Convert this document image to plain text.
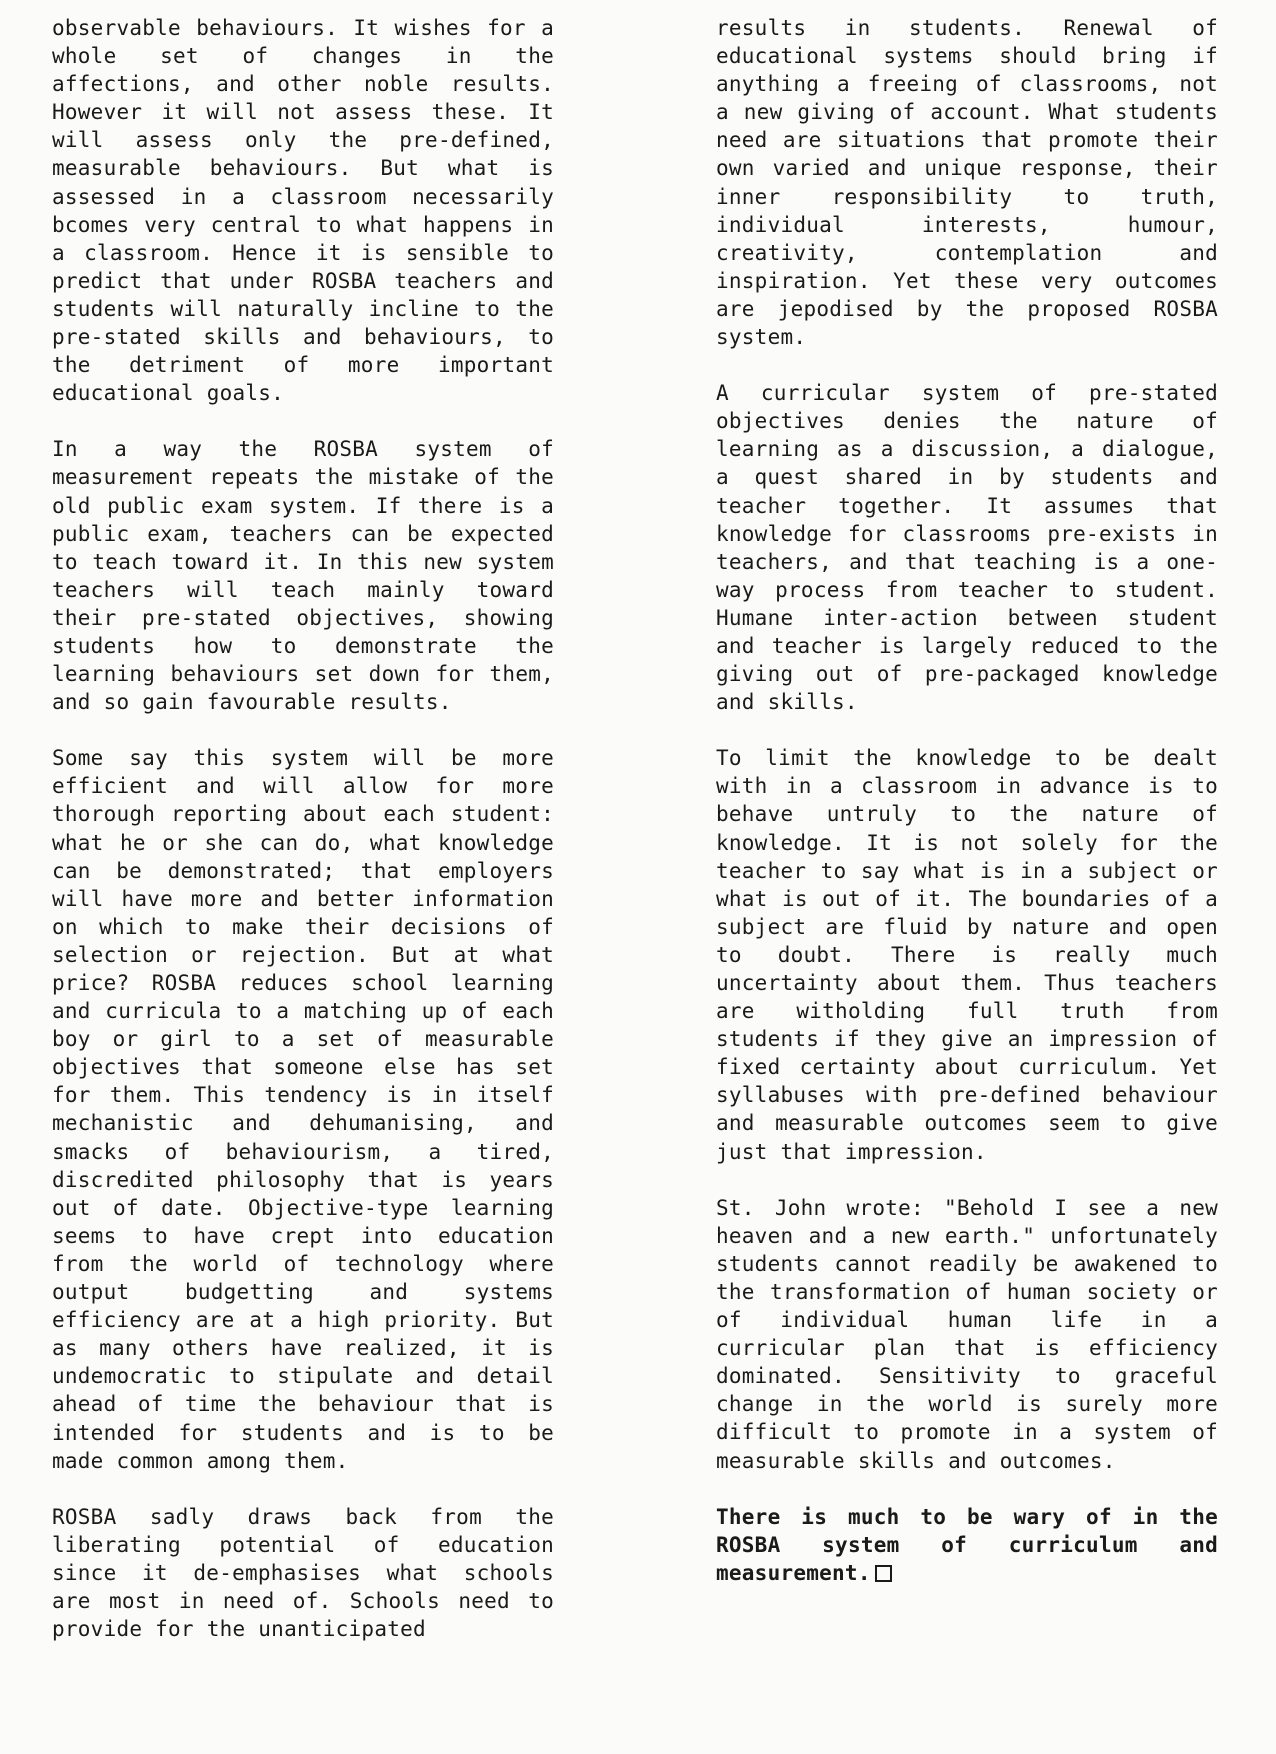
observable behaviours. It wishes for a whole set of changes in the affections, and other noble results. However it will not assess these. It will assess only the pre-defined, measurable behaviours. But what is assessed in a classroom necessarily bcomes very central to what happens in a classroom. Hence it is sensible to predict that under ROSBA teachers and students will naturally incline to the pre-stated skills and behaviours, to the detriment of more important educational goals.

In a way the ROSBA system of measurement repeats the mistake of the old public exam system. If there is a public exam, teachers can be expected to teach toward it. In this new system teachers will teach mainly toward their pre-stated objectives, showing students how to demonstrate the learning behaviours set down for them, and so gain favourable results.

Some say this system will be more efficient and will allow for more thorough reporting about each student: what he or she can do, what knowledge can be demonstrated; that employers will have more and better information on which to make their decisions of selection or rejection. But at what price? ROSBA reduces school learning and curricula to a matching up of each boy or girl to a set of measurable objectives that someone else has set for them. This tendency is in itself mechanistic and dehumanising, and smacks of behaviourism, a tired, discredited philosophy that is years out of date. Objective-type learning seems to have crept into education from the world of technology where output budgetting and systems efficiency are at a high priority. But as many others have realized, it is undemocratic to stipulate and detail ahead of time the behaviour that is intended for students and is to be made common among them.

ROSBA sadly draws back from the liberating potential of education since it de-emphasises what schools are most in need of. Schools need to provide for the unanticipated

results in students. Renewal of educational systems should bring if anything a freeing of classrooms, not a new giving of account. What students need are situations that promote their own varied and unique response, their inner responsibility to truth, individual interests, humour, creativity, contemplation and inspiration. Yet these very outcomes are jepodised by the proposed ROSBA system.

A curricular system of pre-stated objectives denies the nature of learning as a discussion, a dialogue, a quest shared in by students and teacher together. It assumes that knowledge for classrooms pre-exists in teachers, and that teaching is a one-way process from teacher to student. Humane inter-action between student and teacher is largely reduced to the giving out of pre-packaged knowledge and skills.

To limit the knowledge to be dealt with in a classroom in advance is to behave untruly to the nature of knowledge. It is not solely for the teacher to say what is in a subject or what is out of it. The boundaries of a subject are fluid by nature and open to doubt. There is really much uncertainty about them. Thus teachers are witholding full truth from students if they give an impression of fixed certainty about curriculum. Yet syllabuses with pre-defined behaviour and measurable outcomes seem to give just that impression.

St. John wrote: "Behold I see a new heaven and a new earth." unfortunately students cannot readily be awakened to the transformation of human society or of individual human life in a curricular plan that is efficiency dominated. Sensitivity to graceful change in the world is surely more difficult to promote in a system of measurable skills and outcomes.

There is much to be wary of in the ROSBA system of curriculum and measurement.
